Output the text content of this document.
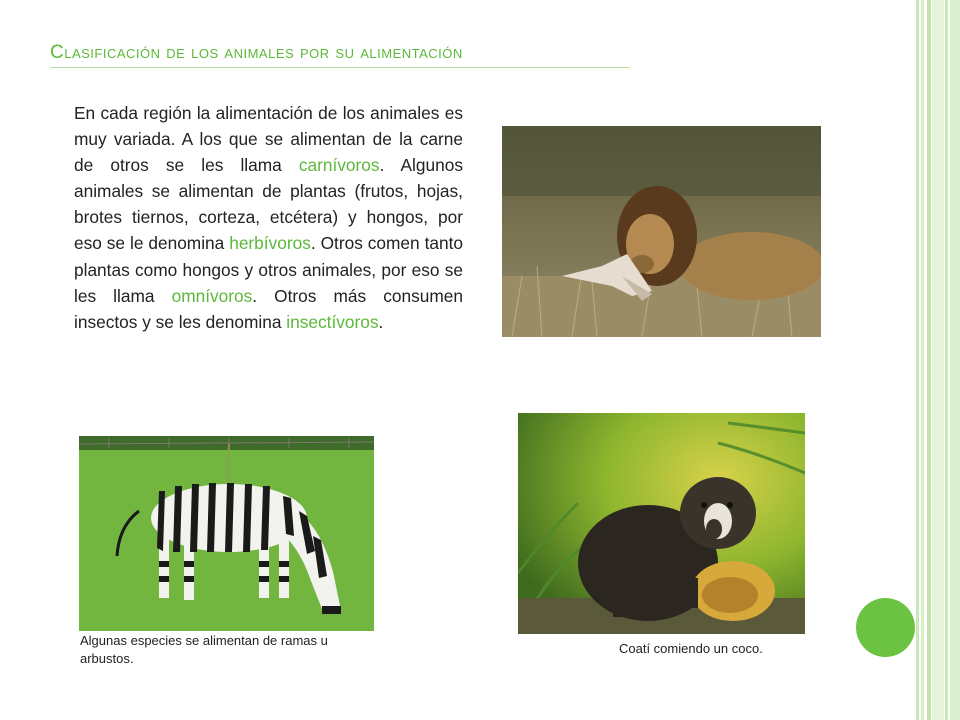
Clasificación de los animales por su alimentación

En cada región la alimentación de los animales es muy variada. A los que se alimentan de la carne de otros se les llama carnívoros. Algunos animales se alimentan de plantas (frutos, hojas, brotes tiernos, corteza, etcétera) y hongos, por eso se le denomina herbívoros. Otros comen tanto plantas como hongos y otros animales, por eso se les llama omnívoros. Otros más consumen insectos y se les denomina insectívoros.

Algunas especies se alimentan de ramas u arbustos.

Coatí comiendo un coco.
